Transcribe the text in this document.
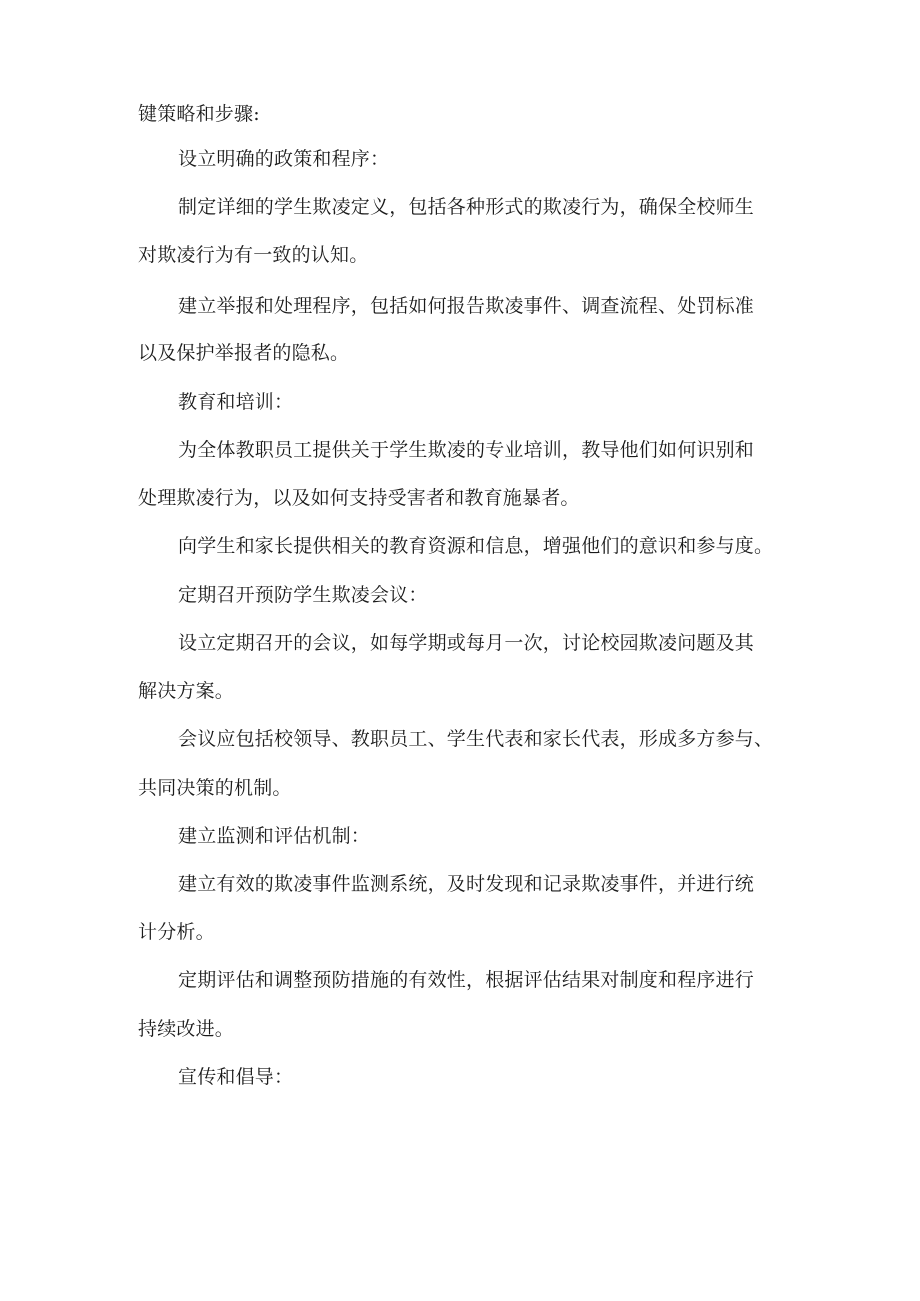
键策略和步骤:
设立明确的政策和程序：
制定详细的学生欺凌定义，包括各种形式的欺凌行为，确保全校师生
对欺凌行为有一致的认知。
建立举报和处理程序，包括如何报告欺凌事件、调查流程、处罚标准
以及保护举报者的隐私。
教育和培训：
为全体教职员工提供关于学生欺凌的专业培训，教导他们如何识别和
处理欺凌行为，以及如何支持受害者和教育施暴者。
向学生和家长提供相关的教育资源和信息，增强他们的意识和参与度。
定期召开预防学生欺凌会议：
设立定期召开的会议，如每学期或每月一次，讨论校园欺凌问题及其
解决方案。
会议应包括校领导、教职员工、学生代表和家长代表，形成多方参与、
共同决策的机制。
建立监测和评估机制：
建立有效的欺凌事件监测系统，及时发现和记录欺凌事件，并进行统
计分析。
定期评估和调整预防措施的有效性，根据评估结果对制度和程序进行
持续改进。
宣传和倡导：
